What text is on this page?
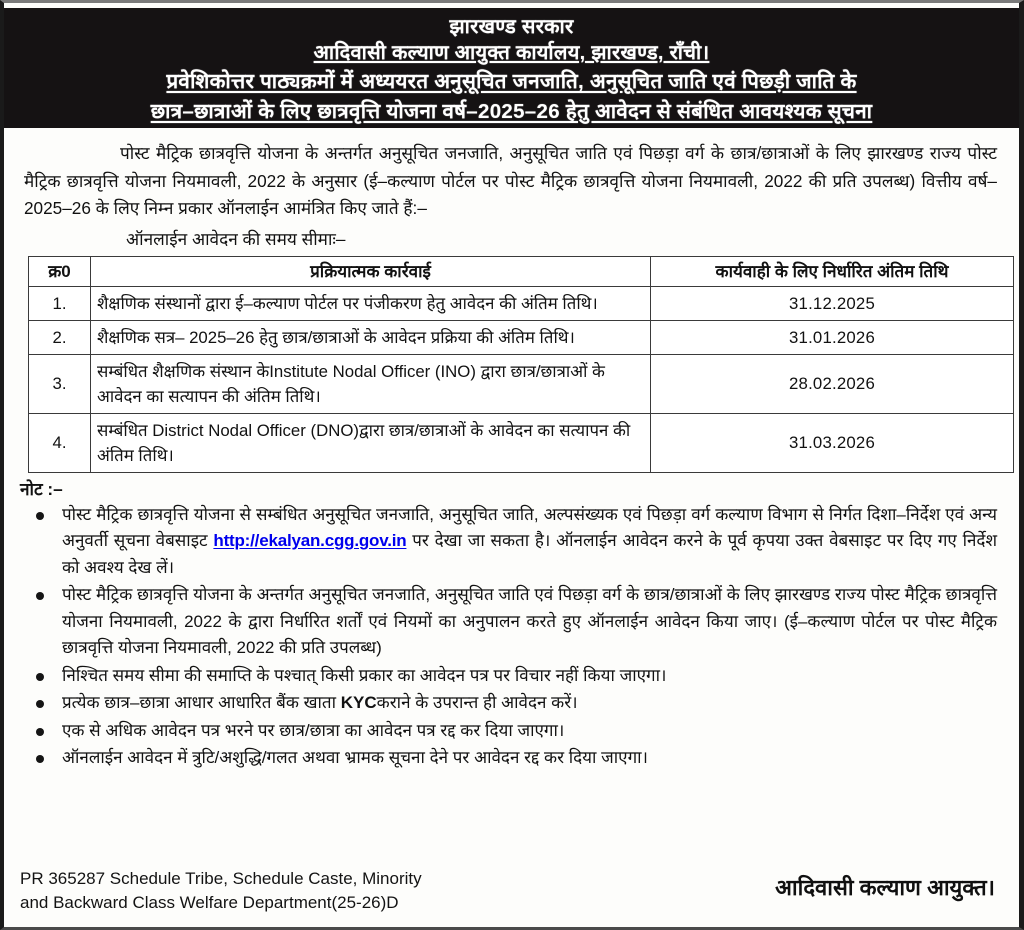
झारखण्ड सरकार
आदिवासी कल्याण आयुक्त कार्यालय, झारखण्ड, राँची।
प्रवेशिकोत्तर पाठ्यक्रमों में अध्ययरत अनुसूचित जनजाति, अनुसूचित जाति एवं पिछड़ी जाति के
छात्र–छात्राओं के लिए छात्रवृत्ति योजना वर्ष–2025–26 हेतु आवेदन से संबंधित आवयश्यक सूचना

पोस्ट मैट्रिक छात्रवृत्ति योजना के अन्तर्गत अनुसूचित जनजाति, अनुसूचित जाति एवं पिछड़ा वर्ग के छात्र/छात्राओं के लिए झारखण्ड राज्य पोस्ट मैट्रिक छात्रवृत्ति योजना नियमावली, 2022 के अनुसार (ई–कल्याण पोर्टल पर पोस्ट मैट्रिक छात्रवृत्ति योजना नियमावली, 2022 की प्रति उपलब्ध) वित्तीय वर्ष–2025–26 के लिए निम्न प्रकार ऑनलाईन आमंत्रित किए जाते हैं:–

ऑनलाईन आवेदन की समय सीमाः–
क्र0	प्रक्रियात्मक कार्रवाई	कार्यवाही के लिए निर्धारित अंतिम तिथि
1.	शैक्षणिक संस्थानों द्वारा ई–कल्याण पोर्टल पर पंजीकरण हेतु आवेदन की अंतिम तिथि।	31.12.2025
2.	शैक्षणिक सत्र– 2025–26 हेतु छात्र/छात्राओं के आवेदन प्रक्रिया की अंतिम तिथि।	31.01.2026
3.	सम्बंधित शैक्षणिक संस्थान केInstitute Nodal Officer (INO) द्वारा छात्र/छात्राओं के आवेदन का सत्यापन की अंतिम तिथि।	28.02.2026
4.	सम्बंधित District Nodal Officer (DNO)द्वारा छात्र/छात्राओं के आवेदन का सत्यापन की अंतिम तिथि।	31.03.2026
नोट :–
पोस्ट मैट्रिक छात्रवृत्ति योजना से सम्बंधित अनुसूचित जनजाति, अनुसूचित जाति, अल्पसंख्यक एवं पिछड़ा वर्ग कल्याण विभाग से निर्गत दिशा–निर्देश एवं अन्य अनुवर्ती सूचना वेबसाइट http://ekalyan.cgg.gov.in पर देखा जा सकता है। ऑनलाईन आवेदन करने के पूर्व कृपया उक्त वेबसाइट पर दिए गए निर्देश को अवश्य देख लें।
पोस्ट मैट्रिक छात्रवृत्ति योजना के अन्तर्गत अनुसूचित जनजाति, अनुसूचित जाति एवं पिछड़ा वर्ग के छात्र/छात्राओं के लिए झारखण्ड राज्य पोस्ट मैट्रिक छात्रवृत्ति योजना नियमावली, 2022 के द्वारा निर्धारित शर्तों एवं नियमों का अनुपालन करते हुए ऑनलाईन आवेदन किया जाए। (ई–कल्याण पोर्टल पर पोस्ट मैट्रिक छात्रवृत्ति योजना नियमावली, 2022 की प्रति उपलब्ध)
निश्चित समय सीमा की समाप्ति के पश्चात् किसी प्रकार का आवेदन पत्र पर विचार नहीं किया जाएगा।
प्रत्येक छात्र–छात्रा आधार आधारित बैंक खाता KYCकराने के उपरान्त ही आवेदन करें।
एक से अधिक आवेदन पत्र भरने पर छात्र/छात्रा का आवेदन पत्र रद्द कर दिया जाएगा।
ऑनलाईन आवेदन में त्रुटि/अशुद्धि/गलत अथवा भ्रामक सूचना देने पर आवेदन रद्द कर दिया जाएगा।
PR 365287 Schedule Tribe, Schedule Caste, Minority
and Backward Class Welfare Department(25-26)D
आदिवासी कल्याण आयुक्त।
